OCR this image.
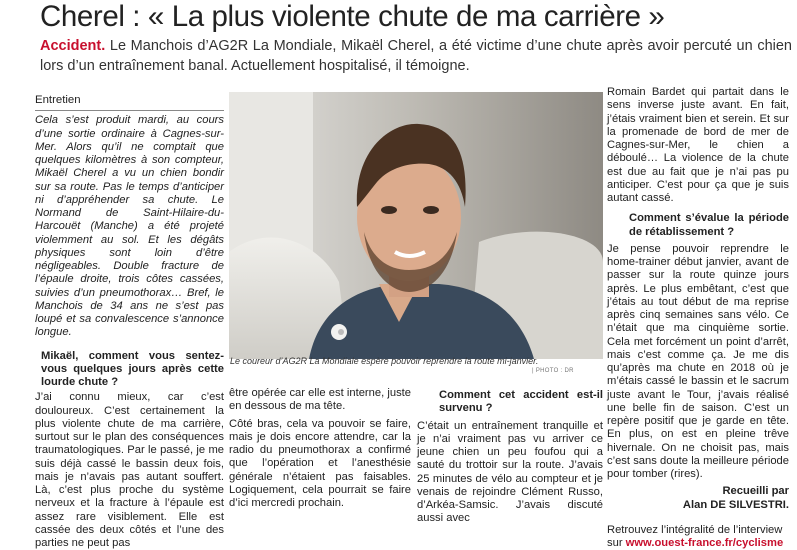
Cherel : « La plus violente chute de ma carrière »

Accident. Le Manchois d’AG2R La Mondiale, Mikaël Cherel, a été victime d’une chute après avoir percuté un chien lors d’un entraînement banal. Actuellement hospitalisé, il témoigne.

Entretien

Cela s’est produit mardi, au cours d’une sortie ordinaire à Cagnes-sur-Mer. Alors qu’il ne comptait que quelques kilomètres à son compteur, Mikaël Cherel a vu un chien bondir sur sa route. Pas le temps d’anticiper ni d’appréhender sa chute. Le Normand de Saint-Hilaire-du-Harcouët (Manche) a été projeté violemment au sol. Et les dégâts physiques sont loin d’être négligeables. Double fracture de l’épaule droite, trois côtes cassées, suivies d’un pneumothorax… Bref, le Manchois de 34 ans ne s’est pas loupé et sa convalescence s’annonce longue.

Mikaël, comment vous sentez-vous quelques jours après cette lourde chute ?

J’ai connu mieux, car c’est douloureux. C’est certainement la plus violente chute de ma carrière, surtout sur le plan des conséquences traumatologiques. Par le passé, je me suis déjà cassé le bassin deux fois, mais je n’avais pas autant souffert. Là, c’est plus proche du système nerveux et la fracture à l’épaule est assez rare visiblement. Elle est cassée des deux côtés et l’une des parties ne peut pas

Le coureur d’AG2R La Mondiale espère pouvoir reprendre la route mi-janvier.
| PHOTO : DR

être opérée car elle est interne, juste en dessous de ma tête.

Côté bras, cela va pouvoir se faire, mais je dois encore attendre, car la radio du pneumothorax a confirmé que l’opération et l’anesthésie générale n’étaient pas faisables. Logiquement, cela pourrait se faire d’ici mercredi prochain.

Comment cet accident est-il survenu ?

C’était un entraînement tranquille et je n’ai vraiment pas vu arriver ce jeune chien un peu foufou qui a sauté du trottoir sur la route. J’avais 25 minutes de vélo au compteur et je venais de rejoindre Clément Russo, d’Arkéa-Samsic. J’avais discuté aussi avec

Romain Bardet qui partait dans le sens inverse juste avant. En fait, j’étais vraiment bien et serein. Et sur la promenade de bord de mer de Cagnes-sur-Mer, le chien a déboulé… La violence de la chute est due au fait que je n’ai pas pu anticiper. C’est pour ça que je suis autant cassé.

Comment s’évalue la période de rétablissement ?

Je pense pouvoir reprendre le home-trainer début janvier, avant de passer sur la route quinze jours après. Le plus embêtant, c’est que j’étais au tout début de ma reprise après cinq semaines sans vélo. Ce n’était que ma cinquième sortie. Cela met forcément un point d’arrêt, mais c’est comme ça. Je me dis qu’après ma chute en 2018 où je m’étais cassé le bassin et le sacrum juste avant le Tour, j’avais réalisé une belle fin de saison. C’est un repère positif que je garde en tête. En plus, on est en pleine trêve hivernale. On ne choisit pas, mais c’est sans doute la meilleure période pour tomber (rires).

Recueilli par

Alan DE SILVESTRI.

Retrouvez l’intégralité de l’interview sur www.ouest-france.fr/cyclisme
